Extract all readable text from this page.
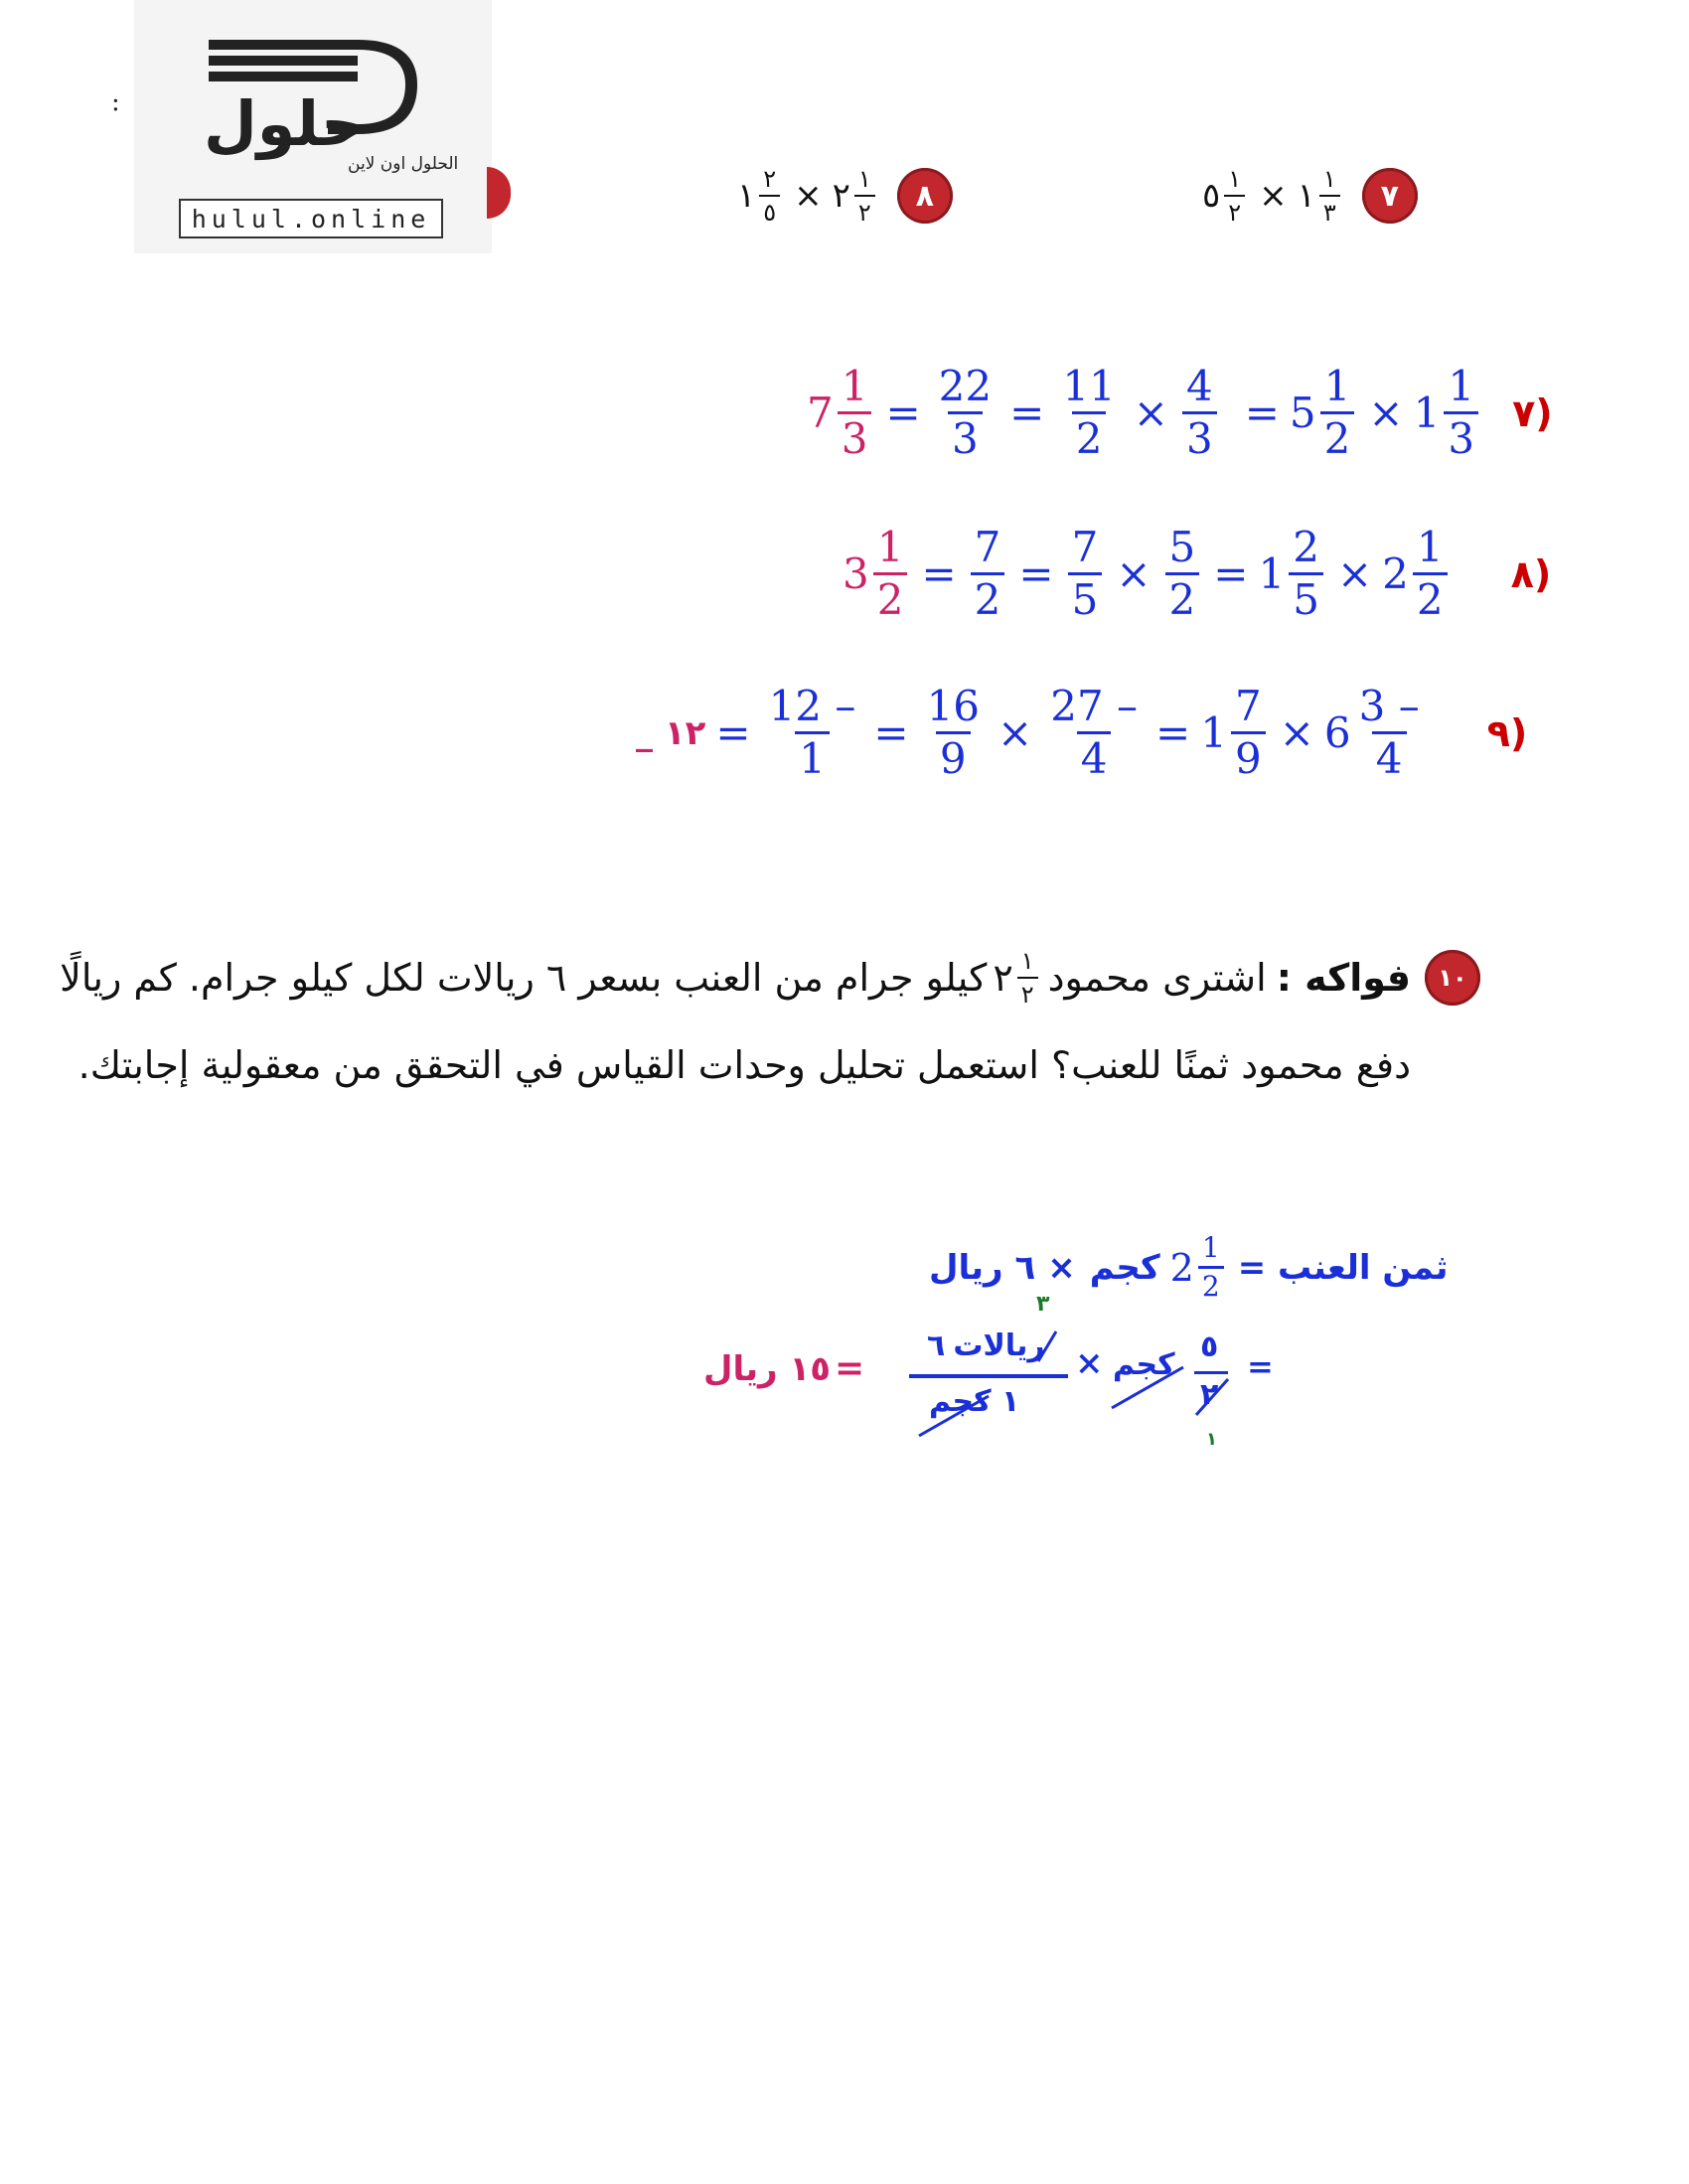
حلول
الحلول اون لاين
hulul.online
:
٥ $\frac{١}{٢}$ × ١ $\frac{١}{٣}$	٧
١ $\frac{٢}{٥}$ × ٢ $\frac{١}{٢}$	٨
$7 \frac{1}{3} = \frac{22}{3} = \frac{11}{2} \times \frac{4}{3} = 5 \frac{1}{2} \times 1 \frac{1}{3}$ (٧
$3 \frac{1}{2} = \frac{7}{2} = \frac{7}{5} \times \frac{5}{2} = 1 \frac{2}{5} \times 2 \frac{1}{2}$ (٨
١٢ _ = $\frac{12 -}{1} = \frac{16}{9} \times \frac{27 -}{4} = 1 \frac{7}{9} \times 6 \frac{3 -}{4}$ (٩
١٠
فواكه :
اشترى محمود
٢ $\frac{١}{٢}$
كيلو جرام من العنب بسعر ٦ ريالات لكل كيلو جرام. كم ريالًا
دفع محمود ثمنًا للعنب؟ استعمل تحليل وحدات القياس في التحقق من معقولية إجابتك.
ثمن العنب =
$2 \frac{1}{2}$
كجم
×
٦ ريال
١٥ ريال =
ريالات
٦
١ كجم
٣
× كجم
٥
٢
١
=
